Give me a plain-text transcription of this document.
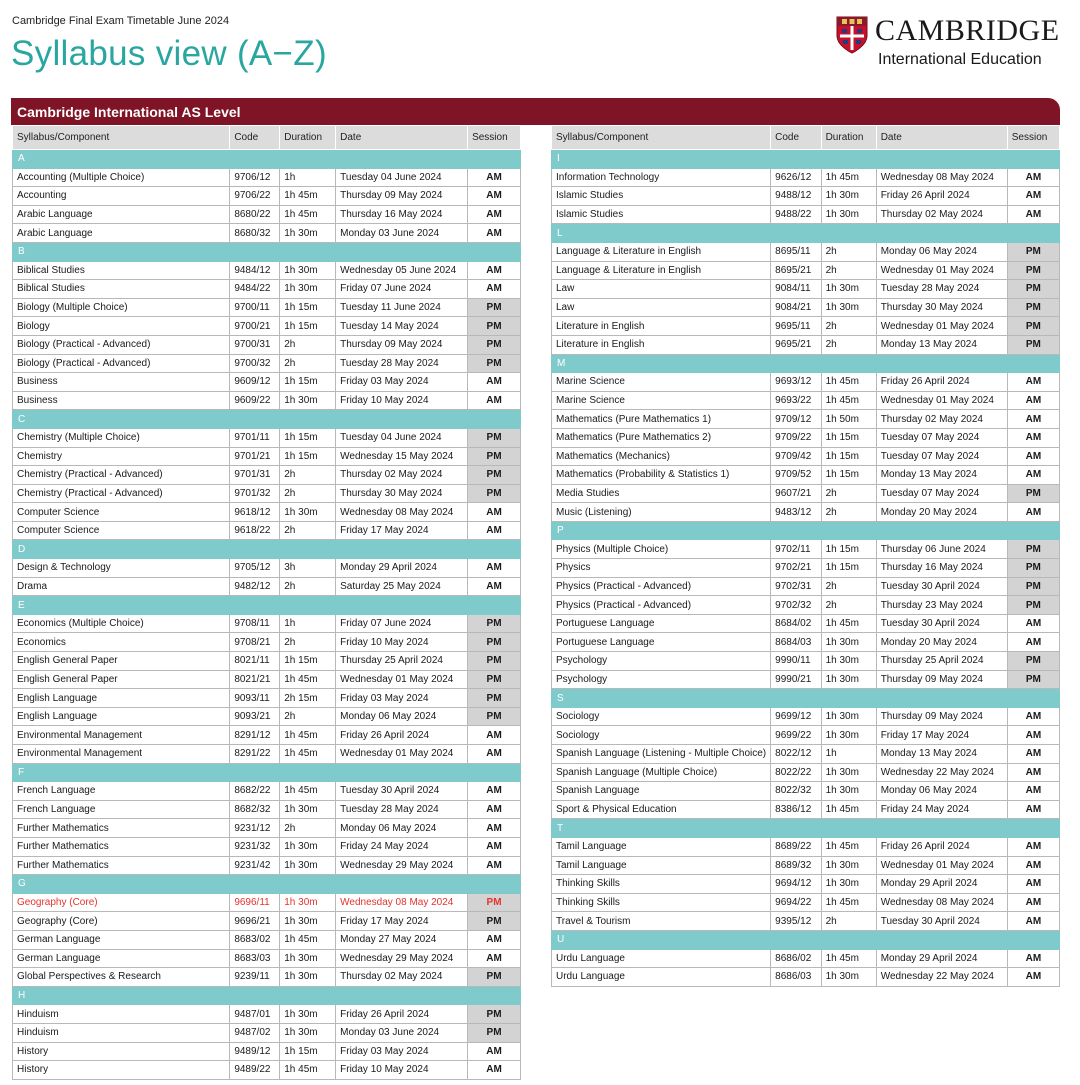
Cambridge Final Exam Timetable June 2024
Syllabus view (A−Z)
CAMBRIDGE
International Education
Cambridge International AS Level
Syllabus/Component	Code	Duration	Date	Session
A				
Accounting (Multiple Choice)	9706/12	1h	Tuesday 04 June 2024	AM
Accounting	9706/22	1h 45m	Thursday 09 May 2024	AM
Arabic Language	8680/22	1h 45m	Thursday 16 May 2024	AM
Arabic Language	8680/32	1h 30m	Monday 03 June 2024	AM
B				
Biblical Studies	9484/12	1h 30m	Wednesday 05 June 2024	AM
Biblical Studies	9484/22	1h 30m	Friday 07 June 2024	AM
Biology (Multiple Choice)	9700/11	1h 15m	Tuesday 11 June 2024	PM
Biology	9700/21	1h 15m	Tuesday 14 May 2024	PM
Biology (Practical - Advanced)	9700/31	2h	Thursday 09 May 2024	PM
Biology (Practical - Advanced)	9700/32	2h	Tuesday 28 May 2024	PM
Business	9609/12	1h 15m	Friday 03 May 2024	AM
Business	9609/22	1h 30m	Friday 10 May 2024	AM
C				
Chemistry (Multiple Choice)	9701/11	1h 15m	Tuesday 04 June 2024	PM
Chemistry	9701/21	1h 15m	Wednesday 15 May 2024	PM
Chemistry (Practical - Advanced)	9701/31	2h	Thursday 02 May 2024	PM
Chemistry (Practical - Advanced)	9701/32	2h	Thursday 30 May 2024	PM
Computer Science	9618/12	1h 30m	Wednesday 08 May 2024	AM
Computer Science	9618/22	2h	Friday 17 May 2024	AM
D				
Design & Technology	9705/12	3h	Monday 29 April 2024	AM
Drama	9482/12	2h	Saturday 25 May 2024	AM
E				
Economics (Multiple Choice)	9708/11	1h	Friday 07 June 2024	PM
Economics	9708/21	2h	Friday 10 May 2024	PM
English General Paper	8021/11	1h 15m	Thursday 25 April 2024	PM
English General Paper	8021/21	1h 45m	Wednesday 01 May 2024	PM
English Language	9093/11	2h 15m	Friday 03 May 2024	PM
English Language	9093/21	2h	Monday 06 May 2024	PM
Environmental Management	8291/12	1h 45m	Friday 26 April 2024	AM
Environmental Management	8291/22	1h 45m	Wednesday 01 May 2024	AM
F				
French Language	8682/22	1h 45m	Tuesday 30 April 2024	AM
French Language	8682/32	1h 30m	Tuesday 28 May 2024	AM
Further Mathematics	9231/12	2h	Monday 06 May 2024	AM
Further Mathematics	9231/32	1h 30m	Friday 24 May 2024	AM
Further Mathematics	9231/42	1h 30m	Wednesday 29 May 2024	AM
G				
Geography (Core)	9696/11	1h 30m	Wednesday 08 May 2024	PM
Geography (Core)	9696/21	1h 30m	Friday 17 May 2024	PM
German Language	8683/02	1h 45m	Monday 27 May 2024	AM
German Language	8683/03	1h 30m	Wednesday 29 May 2024	AM
Global Perspectives & Research	9239/11	1h 30m	Thursday 02 May 2024	PM
H				
Hinduism	9487/01	1h 30m	Friday 26 April 2024	PM
Hinduism	9487/02	1h 30m	Monday 03 June 2024	PM
History	9489/12	1h 15m	Friday 03 May 2024	AM
History	9489/22	1h 45m	Friday 10 May 2024	AM
Syllabus/Component	Code	Duration	Date	Session
I				
Information Technology	9626/12	1h 45m	Wednesday 08 May 2024	AM
Islamic Studies	9488/12	1h 30m	Friday 26 April 2024	AM
Islamic Studies	9488/22	1h 30m	Thursday 02 May 2024	AM
L				
Language & Literature in English	8695/11	2h	Monday 06 May 2024	PM
Language & Literature in English	8695/21	2h	Wednesday 01 May 2024	PM
Law	9084/11	1h 30m	Tuesday 28 May 2024	PM
Law	9084/21	1h 30m	Thursday 30 May 2024	PM
Literature in English	9695/11	2h	Wednesday 01 May 2024	PM
Literature in English	9695/21	2h	Monday 13 May 2024	PM
M				
Marine Science	9693/12	1h 45m	Friday 26 April 2024	AM
Marine Science	9693/22	1h 45m	Wednesday 01 May 2024	AM
Mathematics (Pure Mathematics 1)	9709/12	1h 50m	Thursday 02 May 2024	AM
Mathematics (Pure Mathematics 2)	9709/22	1h 15m	Tuesday 07 May 2024	AM
Mathematics (Mechanics)	9709/42	1h 15m	Tuesday 07 May 2024	AM
Mathematics (Probability & Statistics 1)	9709/52	1h 15m	Monday 13 May 2024	AM
Media Studies	9607/21	2h	Tuesday 07 May 2024	PM
Music (Listening)	9483/12	2h	Monday 20 May 2024	AM
P				
Physics (Multiple Choice)	9702/11	1h 15m	Thursday 06 June 2024	PM
Physics	9702/21	1h 15m	Thursday 16 May 2024	PM
Physics (Practical - Advanced)	9702/31	2h	Tuesday 30 April 2024	PM
Physics (Practical - Advanced)	9702/32	2h	Thursday 23 May 2024	PM
Portuguese Language	8684/02	1h 45m	Tuesday 30 April 2024	AM
Portuguese Language	8684/03	1h 30m	Monday 20 May 2024	AM
Psychology	9990/11	1h 30m	Thursday 25 April 2024	PM
Psychology	9990/21	1h 30m	Thursday 09 May 2024	PM
S				
Sociology	9699/12	1h 30m	Thursday 09 May 2024	AM
Sociology	9699/22	1h 30m	Friday 17 May 2024	AM
Spanish Language (Listening - Multiple Choice)	8022/12	1h	Monday 13 May 2024	AM
Spanish Language (Multiple Choice)	8022/22	1h 30m	Wednesday 22 May 2024	AM
Spanish Language	8022/32	1h 30m	Monday 06 May 2024	AM
Sport & Physical Education	8386/12	1h 45m	Friday 24 May 2024	AM
T				
Tamil Language	8689/22	1h 45m	Friday 26 April 2024	AM
Tamil Language	8689/32	1h 30m	Wednesday 01 May 2024	AM
Thinking Skills	9694/12	1h 30m	Monday 29 April 2024	AM
Thinking Skills	9694/22	1h 45m	Wednesday 08 May 2024	AM
Travel & Tourism	9395/12	2h	Tuesday 30 April 2024	AM
U				
Urdu Language	8686/02	1h 45m	Monday 29 April 2024	AM
Urdu Language	8686/03	1h 30m	Wednesday 22 May 2024	AM
